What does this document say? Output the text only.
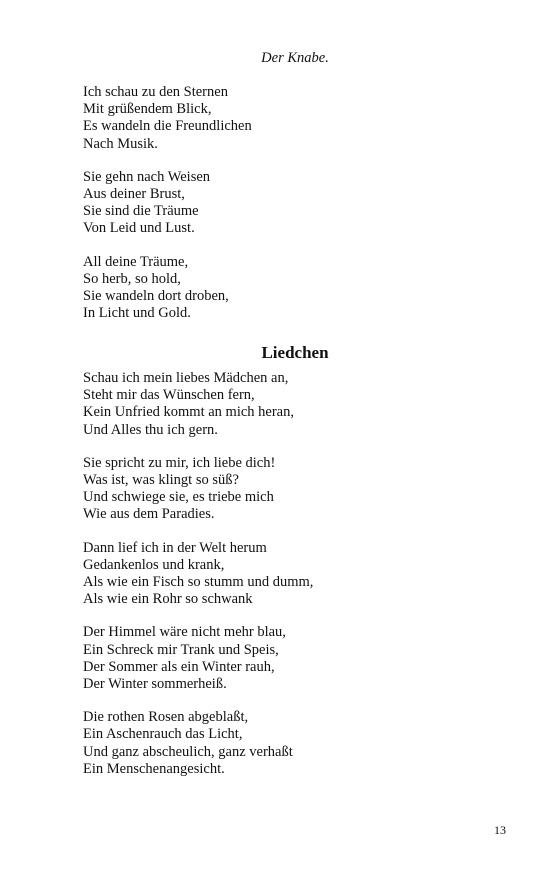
Der Knabe.
Ich schau zu den Sternen
Mit grüßendem Blick,
Es wandeln die Freundlichen
Nach Musik.
Sie gehn nach Weisen
Aus deiner Brust,
Sie sind die Träume
Von Leid und Lust.
All deine Träume,
So herb, so hold,
Sie wandeln dort droben,
In Licht und Gold.
Liedchen
Schau ich mein liebes Mädchen an,
Steht mir das Wünschen fern,
Kein Unfried kommt an mich heran,
Und Alles thu ich gern.
Sie spricht zu mir, ich liebe dich!
Was ist, was klingt so süß?
Und schwiege sie, es triebe mich
Wie aus dem Paradies.
Dann lief ich in der Welt herum
Gedankenlos und krank,
Als wie ein Fisch so stumm und dumm,
Als wie ein Rohr so schwank
Der Himmel wäre nicht mehr blau,
Ein Schreck mir Trank und Speis,
Der Sommer als ein Winter rauh,
Der Winter sommerheiß.
Die rothen Rosen abgeblaßt,
Ein Aschenrauch das Licht,
Und ganz abscheulich, ganz verhaßt
Ein Menschenangesicht.
13
